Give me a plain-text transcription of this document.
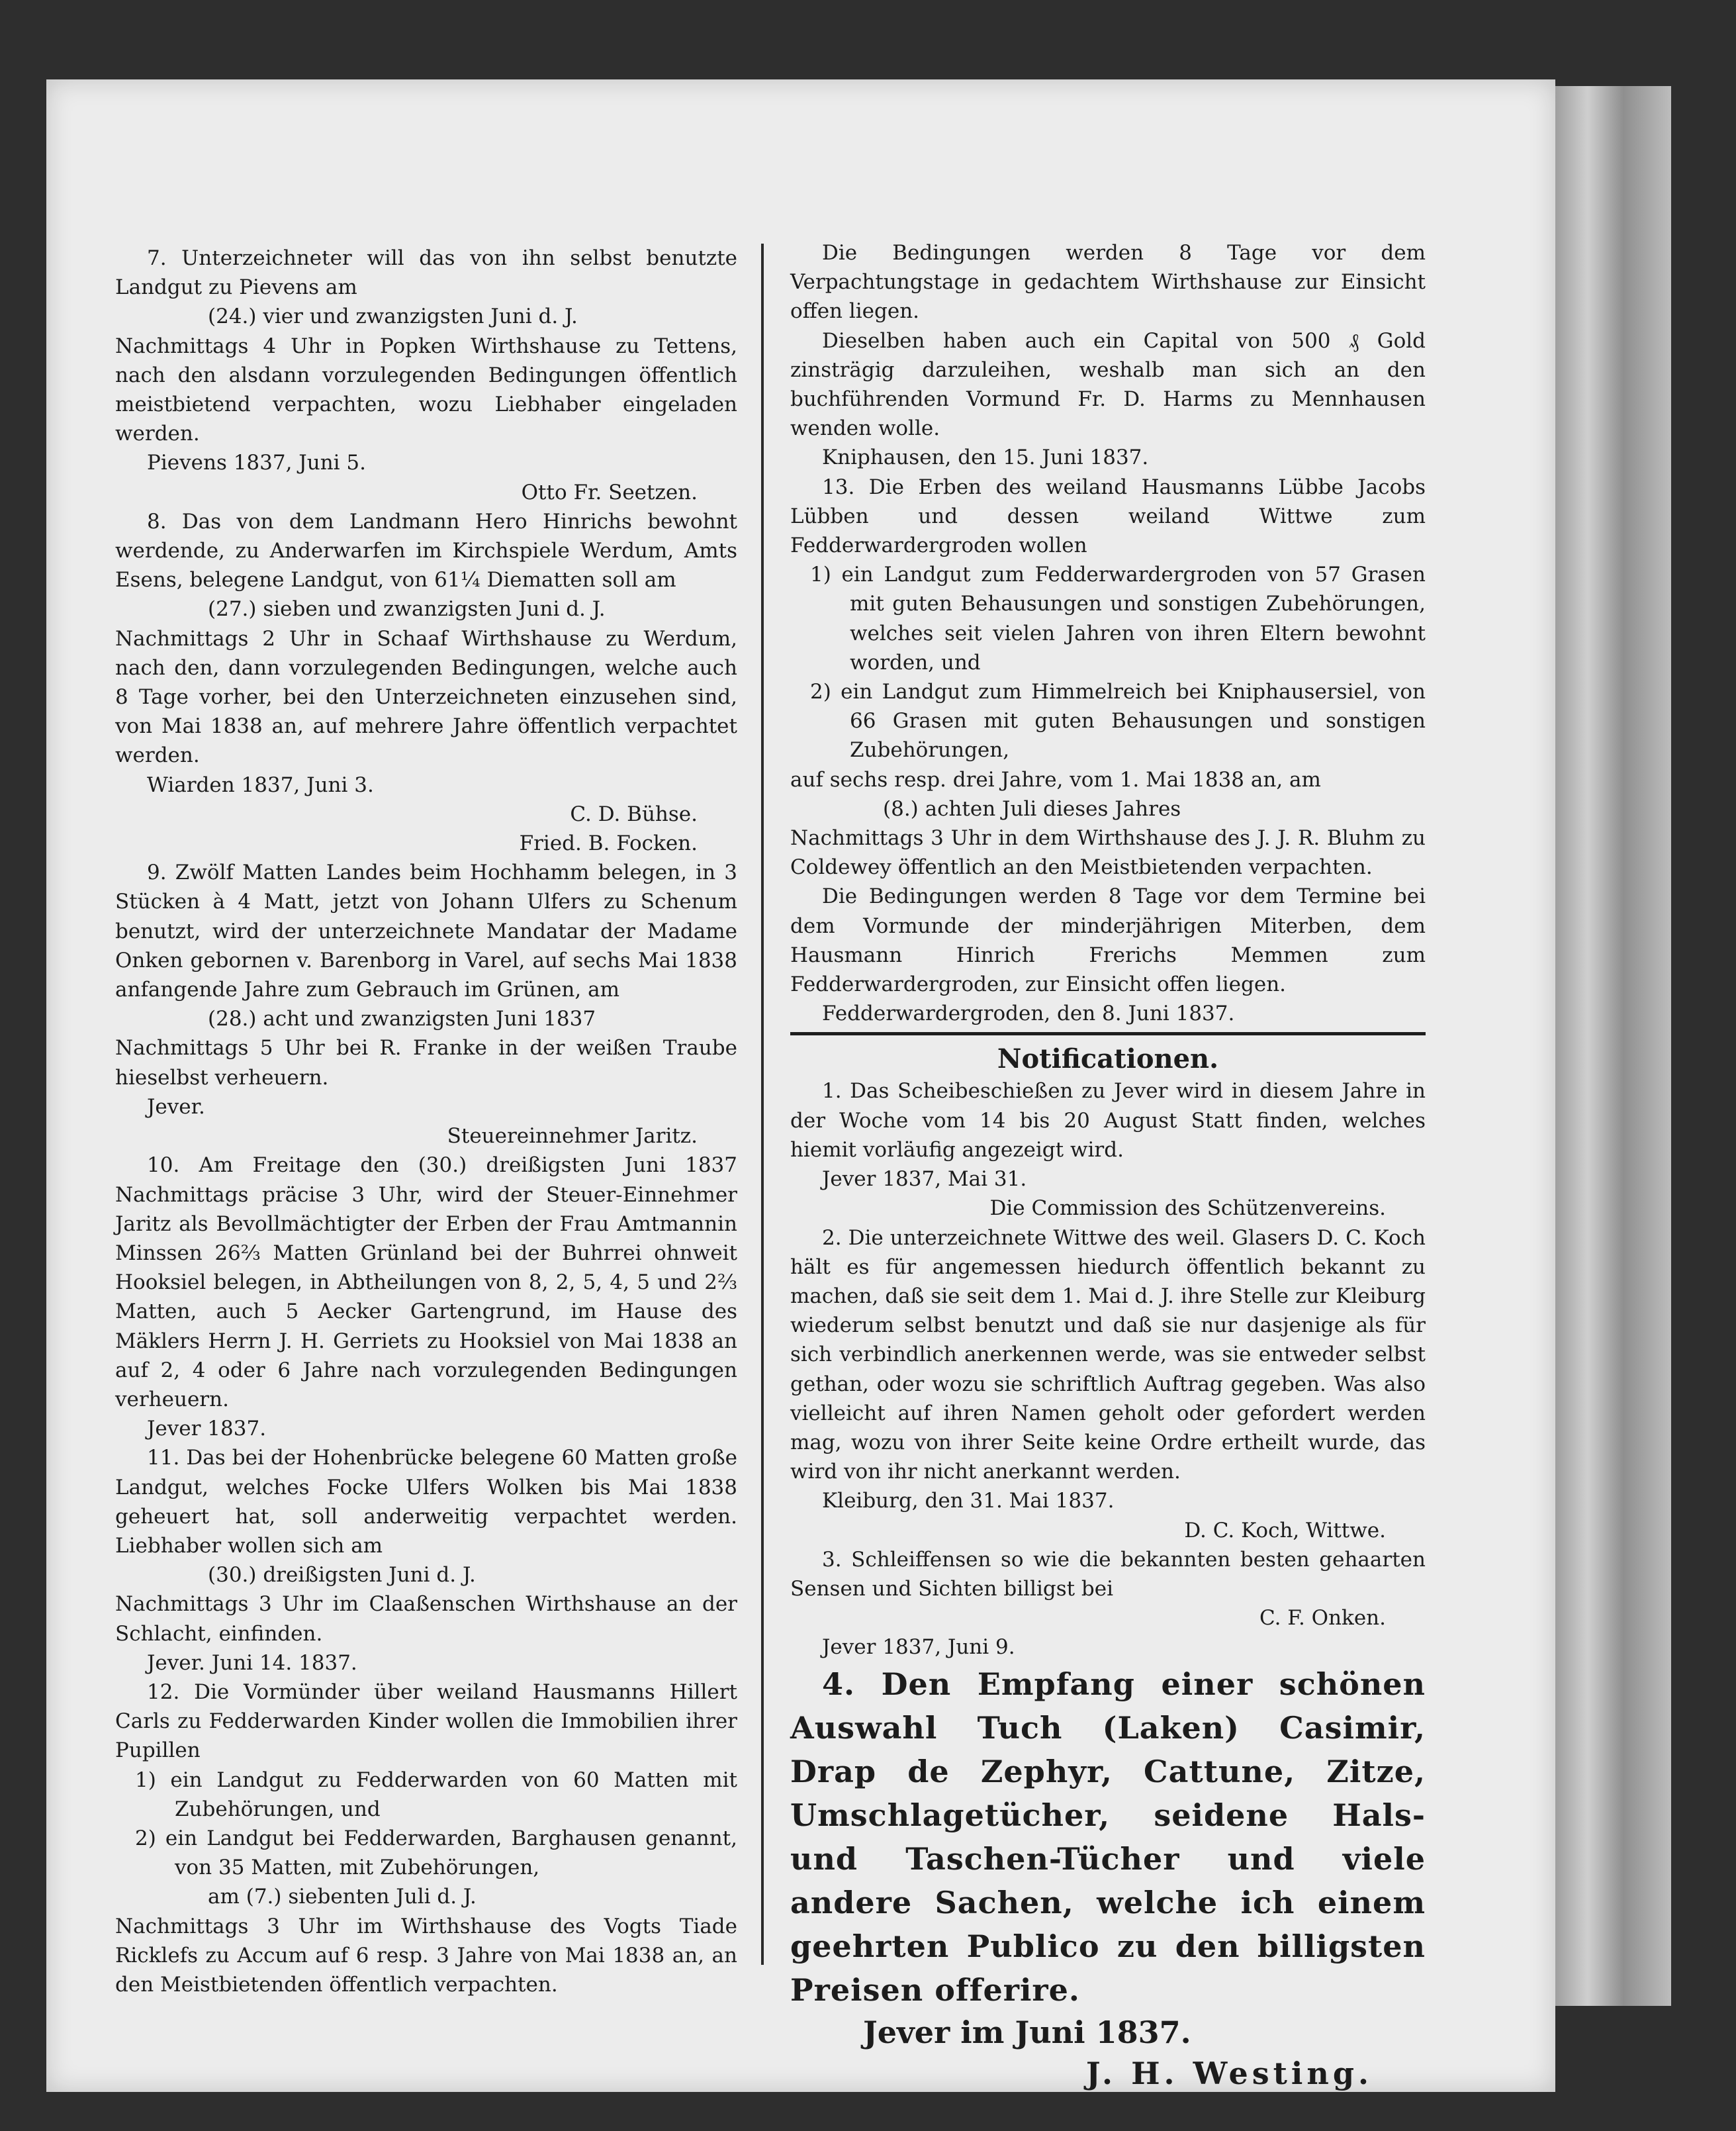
7. Unterzeichneter will das von ihn selbst benutzte Landgut zu Pievens am

(24.) vier und zwanzigsten Juni d. J.

Nachmittags 4 Uhr in Popken Wirthshause zu Tettens, nach den alsdann vorzulegenden Bedingungen öffentlich meistbietend verpachten, wozu Liebhaber eingeladen werden.

Pievens 1837, Juni 5.

Otto Fr. Seetzen.

8. Das von dem Landmann Hero Hinrichs bewohnt werdende, zu Anderwarfen im Kirchspiele Werdum, Amts Esens, belegene Landgut, von 61¼ Diematten soll am

(27.) sieben und zwanzigsten Juni d. J.

Nachmittags 2 Uhr in Schaaf Wirthshause zu Werdum, nach den, dann vorzulegenden Bedingungen, welche auch 8 Tage vorher, bei den Unterzeichneten einzusehen sind, von Mai 1838 an, auf mehrere Jahre öffentlich verpachtet werden.

Wiarden 1837, Juni 3.

C. D. Bühse.

Fried. B. Focken.

9. Zwölf Matten Landes beim Hochhamm belegen, in 3 Stücken à 4 Matt, jetzt von Johann Ulfers zu Schenum benutzt, wird der unterzeichnete Mandatar der Madame Onken gebornen v. Barenborg in Varel, auf sechs Mai 1838 anfangende Jahre zum Gebrauch im Grünen, am

(28.) acht und zwanzigsten Juni 1837

Nachmittags 5 Uhr bei R. Franke in der weißen Traube hieselbst verheuern.

Jever.

Steuereinnehmer Jaritz.

10. Am Freitage den (30.) dreißigsten Juni 1837 Nachmittags präcise 3 Uhr, wird der Steuer-Einnehmer Jaritz als Bevollmächtigter der Erben der Frau Amtmannin Minssen 26⅔ Matten Grünland bei der Buhrrei ohnweit Hooksiel belegen, in Abtheilungen von 8, 2, 5, 4, 5 und 2⅔ Matten, auch 5 Aecker Gartengrund, im Hause des Mäklers Herrn J. H. Gerriets zu Hooksiel von Mai 1838 an auf 2, 4 oder 6 Jahre nach vorzulegenden Bedingungen verheuern.

Jever 1837.

11. Das bei der Hohenbrücke belegene 60 Matten große Landgut, welches Focke Ulfers Wolken bis Mai 1838 geheuert hat, soll anderweitig verpachtet werden. Liebhaber wollen sich am

(30.) dreißigsten Juni d. J.

Nachmittags 3 Uhr im Claaßenschen Wirthshause an der Schlacht, einfinden.

Jever. Juni 14. 1837.

12. Die Vormünder über weiland Hausmanns Hillert Carls zu Fedderwarden Kinder wollen die Immobilien ihrer Pupillen

1) ein Landgut zu Fedderwarden von 60 Matten mit Zubehörungen, und

2) ein Landgut bei Fedderwarden, Barghausen genannt, von 35 Matten, mit Zubehörungen,

am (7.) siebenten Juli d. J.

Nachmittags 3 Uhr im Wirthshause des Vogts Tiade Ricklefs zu Accum auf 6 resp. 3 Jahre von Mai 1838 an, an den Meistbietenden öffentlich verpachten.

Die Bedingungen werden 8 Tage vor dem Verpachtungstage in gedachtem Wirthshause zur Einsicht offen liegen.

Dieselben haben auch ein Capital von 500 ₰ Gold zinsträgig darzuleihen, weshalb man sich an den buchführenden Vormund Fr. D. Harms zu Mennhausen wenden wolle.

Kniphausen, den 15. Juni 1837.

13. Die Erben des weiland Hausmanns Lübbe Jacobs Lübben und dessen weiland Wittwe zum Fedderwardergroden wollen

1) ein Landgut zum Fedderwardergroden von 57 Grasen mit guten Behausungen und sonstigen Zubehörungen, welches seit vielen Jahren von ihren Eltern bewohnt worden, und

2) ein Landgut zum Himmelreich bei Kniphausersiel, von 66 Grasen mit guten Behausungen und sonstigen Zubehörungen,

auf sechs resp. drei Jahre, vom 1. Mai 1838 an, am

(8.) achten Juli dieses Jahres

Nachmittags 3 Uhr in dem Wirthshause des J. J. R. Bluhm zu Coldewey öffentlich an den Meistbietenden verpachten.

Die Bedingungen werden 8 Tage vor dem Termine bei dem Vormunde der minderjährigen Miterben, dem Hausmann Hinrich Frerichs Memmen zum Fedderwardergroden, zur Einsicht offen liegen.

Fedderwardergroden, den 8. Juni 1837.

Notificationen.

1. Das Scheibeschießen zu Jever wird in diesem Jahre in der Woche vom 14 bis 20 August Statt finden, welches hiemit vorläufig angezeigt wird.

Jever 1837, Mai 31.

Die Commission des Schützenvereins.

2. Die unterzeichnete Wittwe des weil. Glasers D. C. Koch hält es für angemessen hiedurch öffentlich bekannt zu machen, daß sie seit dem 1. Mai d. J. ihre Stelle zur Kleiburg wiederum selbst benutzt und daß sie nur dasjenige als für sich verbindlich anerkennen werde, was sie entweder selbst gethan, oder wozu sie schriftlich Auftrag gegeben. Was also vielleicht auf ihren Namen geholt oder gefordert werden mag, wozu von ihrer Seite keine Ordre ertheilt wurde, das wird von ihr nicht anerkannt werden.

Kleiburg, den 31. Mai 1837.

D. C. Koch, Wittwe.

3. Schleiffensen so wie die bekannten besten gehaarten Sensen und Sichten billigst bei

C. F. Onken.

Jever 1837, Juni 9.

4. Den Empfang einer schönen Auswahl Tuch (Laken) Casimir, Drap de Zephyr, Cattune, Zitze, Umschlagetücher, seidene Hals- und Taschen-Tücher und viele andere Sachen, welche ich einem geehrten Publico zu den billigsten Preisen offerire.

Jever im Juni 1837.

J. H. Westing.
